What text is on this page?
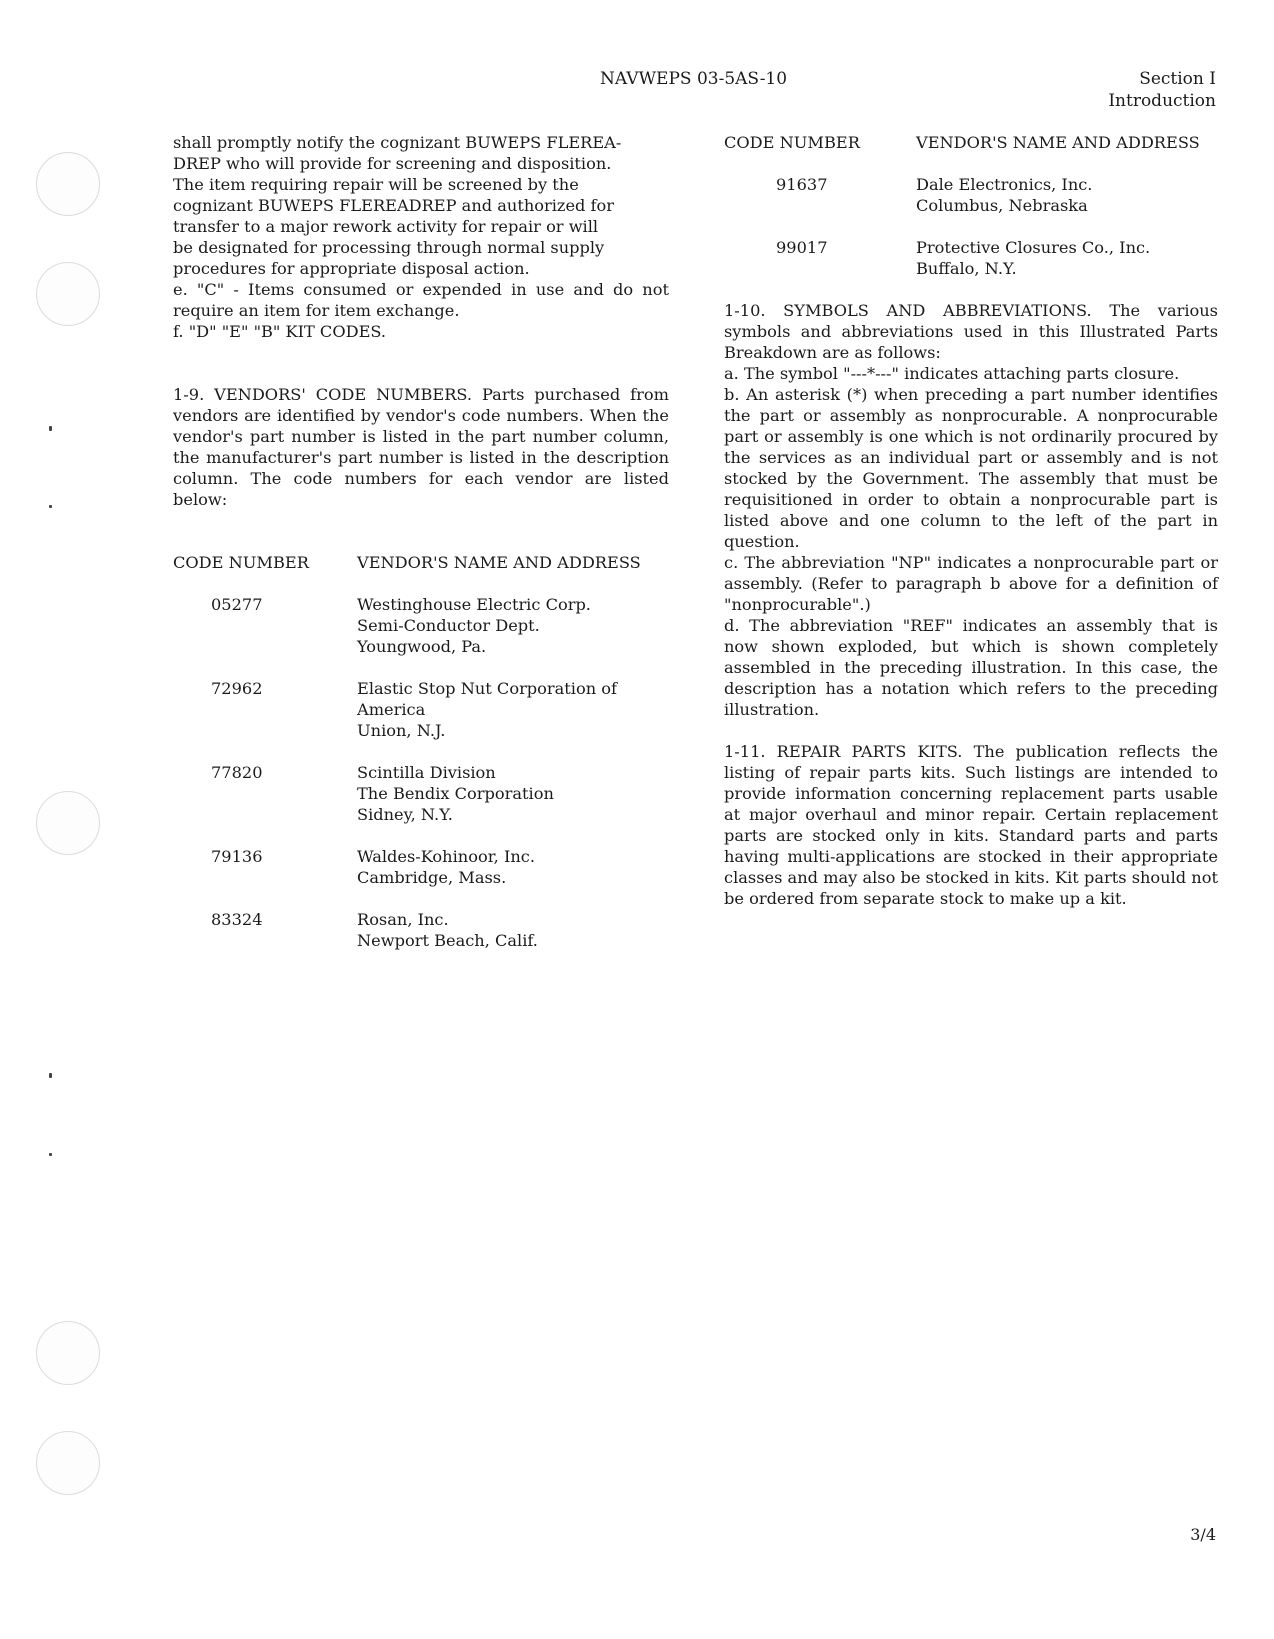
NAVWEPS 03-5AS-10	Section I
Introduction

shall promptly notify the cognizant BUWEPS FLEREA-

DREP who will provide for screening and disposition.

The item requiring repair will be screened by the

cognizant BUWEPS FLEREADREP and authorized for

transfer to a major rework activity for repair or will

be designated for processing through normal supply

procedures for appropriate disposal action.

e. "C" - Items consumed or expended in use and do not require an item for item exchange.

f. "D" "E" "B" KIT CODES.

1-9. VENDORS' CODE NUMBERS. Parts purchased from vendors are identified by vendor's code numbers. When the vendor's part number is listed in the part number column, the manufacturer's part number is listed in the description column. The code numbers for each vendor are listed below:

CODE NUMBER	VENDOR'S NAME AND ADDRESS
05277	Westinghouse Electric Corp.
Semi-Conductor Dept.
Youngwood, Pa.

72962	Elastic Stop Nut Corporation of
America
Union, N.J.

77820	Scintilla Division
The Bendix Corporation
Sidney, N.Y.

79136	Waldes-Kohinoor, Inc.
Cambridge, Mass.

83324	Rosan, Inc.
Newport Beach, Calif.
CODE NUMBER	VENDOR'S NAME AND ADDRESS
91637	Dale Electronics, Inc.
Columbus, Nebraska

99017	Protective Closures Co., Inc.
Buffalo, N.Y.

1-10. SYMBOLS AND ABBREVIATIONS. The various symbols and abbreviations used in this Illustrated Parts Breakdown are as follows:

a. The symbol "---*---" indicates attaching parts closure.

b. An asterisk (*) when preceding a part number identifies the part or assembly as nonprocurable. A nonprocurable part or assembly is one which is not ordinarily procured by the services as an individual part or assembly and is not stocked by the Government. The assembly that must be requisitioned in order to obtain a nonprocurable part is listed above and one column to the left of the part in question.

c. The abbreviation "NP" indicates a nonprocurable part or assembly. (Refer to paragraph b above for a definition of "nonprocurable".)

d. The abbreviation "REF" indicates an assembly that is now shown exploded, but which is shown completely assembled in the preceding illustration. In this case, the description has a notation which refers to the preceding illustration.

1-11. REPAIR PARTS KITS. The publication reflects the listing of repair parts kits. Such listings are intended to provide information concerning replacement parts usable at major overhaul and minor repair. Certain replacement parts are stocked only in kits. Standard parts and parts having multi-applications are stocked in their appropriate classes and may also be stocked in kits. Kit parts should not be ordered from separate stock to make up a kit.

3/4
